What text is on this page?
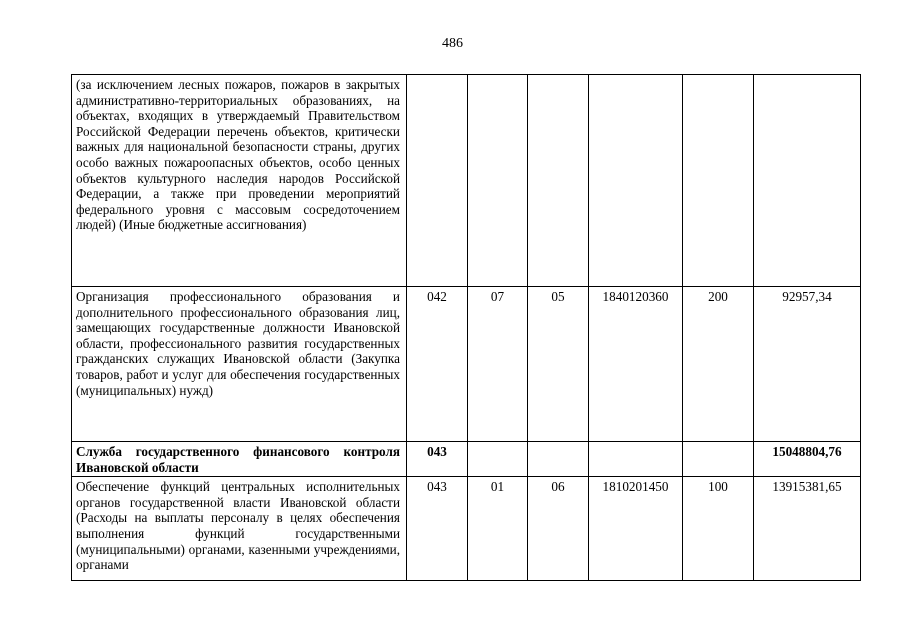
486
(за исключением лесных пожаров, пожаров в закрытых административно-территориальных образованиях, на объектах, входящих в утверждаемый Правительством Российской Федерации перечень объектов, критически важных для национальной безопасности страны, других особо важных пожароопасных объектов, особо ценных объектов культурного наследия народов Российской Федерации, а также при проведении мероприятий федерального уровня с массовым сосредоточением людей) (Иные бюджетные ассигнования)						
Организация профессионального образования и дополнительного профессионального образования лиц, замещающих государственные должности Ивановской области, профессионального развития государственных гражданских служащих Ивановской области (Закупка товаров, работ и услуг для обеспечения государственных (муниципальных) нужд)	042	07	05	1840120360	200	92957,34
Служба государственного финансового контроля Ивановской области	043					15048804,76
Обеспечение функций центральных исполнительных органов государственной власти Ивановской области (Расходы на выплаты персоналу в целях обеспечения выполнения функций государственными (муниципальными) органами, казенными учреждениями, органами	043	01	06	1810201450	100	13915381,65
